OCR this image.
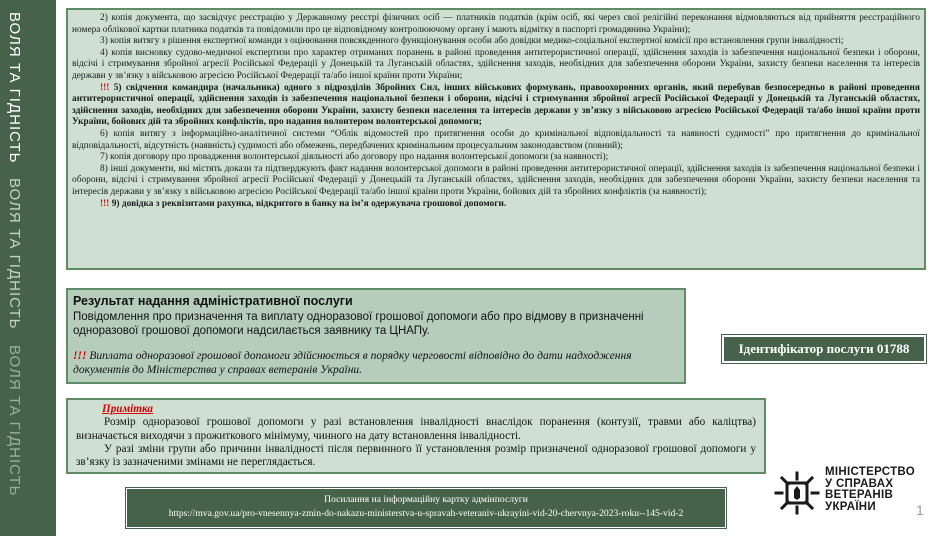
ВОЛЯ ТА ГІДНІСТЬ
ВОЛЯ ТА ГІДНІСТЬ
ВОЛЯ ТА ГІДНІСТЬ

2) копія документа, що засвідчує реєстрацію у Державному реєстрі фізичних осіб — платників податків (крім осіб, які через свої релігійні переконання відмовляються від прийняття реєстраційного номера облікової картки платника податків та повідомили про це відповідному контролюючому органу і мають відмітку в паспорті громадянина України);

3) копія витягу з рішення експертної команди з оцінювання повсякденного функціонування особи або довідки медико-соціальної експертної комісії про встановлення групи інвалідності;

4) копія висновку судово-медичної експертизи про характер отриманих поранень в районі проведення антитерористичної операції, здійснення заходів із забезпечення національної безпеки і оборони, відсічі і стримування збройної агресії Російської Федерації у Донецькій та Луганській областях, здійснення заходів, необхідних для забезпечення оборони України, захисту безпеки населення та інтересів держави у зв’язку з військовою агресією Російської Федерації та/або іншої країни проти України;

!!! 5) свідчення командира (начальника) одного з підрозділів Збройних Сил, інших військових формувань, правоохоронних органів, який перебував безпосередньо в районі проведення антитерористичної операції, здійснення заходів із забезпечення національної безпеки і оборони, відсічі і стримування збройної агресії Російської Федерації у Донецькій та Луганській областях, здійснення заходів, необхідних для забезпечення оборони України, захисту безпеки населення та інтересів держави у зв’язку з військовою агресією Російської Федерації та/або іншої країни проти України, бойових дій та збройних конфліктів, про надання волонтером волонтерської допомоги;

6) копія витягу з інформаційно-аналітичної системи “Облік відомостей про притягнення особи до кримінальної відповідальності та наявності судимості” про притягнення до кримінальної відповідальності, відсутність (наявність) судимості або обмежень, передбачених кримінальним процесуальним законодавством (повний);

7) копія договору про провадження волонтерської діяльності або договору про надання волонтерської допомоги (за наявності);

8) інші документи, які містять докази та підтверджують факт надання волонтерської допомоги в районі проведення антитерористичної операції, здійснення заходів із забезпечення національної безпеки і оборони, відсічі і стримування збройної агресії Російської Федерації у Донецькій та Луганській областях, здійснення заходів, необхідних для забезпечення оборони України, захисту безпеки населення та інтересів держави у зв’язку з військовою агресією Російської Федерації та/або іншої країни проти України, бойових дій та збройних конфліктів (за наявності);

!!! 9) довідка з реквізитами рахунка, відкритого в банку на ім’я одержувача грошової допомоги.

Результат надання адміністративної послуги
Повідомлення про призначення та виплату одноразової грошової допомоги або про відмову в призначенні одноразової грошової допомоги надсилається заявнику та ЦНАПу.
!!! Виплата одноразової грошової допомоги здійснюється в порядку черговості відповідно до дати надходження документів до Міністерства у справах ветеранів України.
Ідентифікатор послуги 01788
Примітка

Розмір одноразової грошової допомоги у разі встановлення інвалідності внаслідок поранення (контузії, травми або каліцтва) визначається виходячи з прожиткового мінімуму, чинного на дату встановлення інвалідності.

У разі зміни групи або причини інвалідності після первинного її установлення розмір призначеної одноразової грошової допомоги у зв’язку із зазначеними змінами не переглядається.

Посилання на інформаційну картку адмінпослуги
https://mva.gov.ua/pro-vnesennya-zmin-do-nakazu-ministerstva-u-spravah-veteraniv-ukrayini-vid-20-chervnya-2023-roku--145-vid-2
МІНІСТЕРСТВО
У СПРАВАХ
ВЕТЕРАНІВ
УКРАЇНИ	1
